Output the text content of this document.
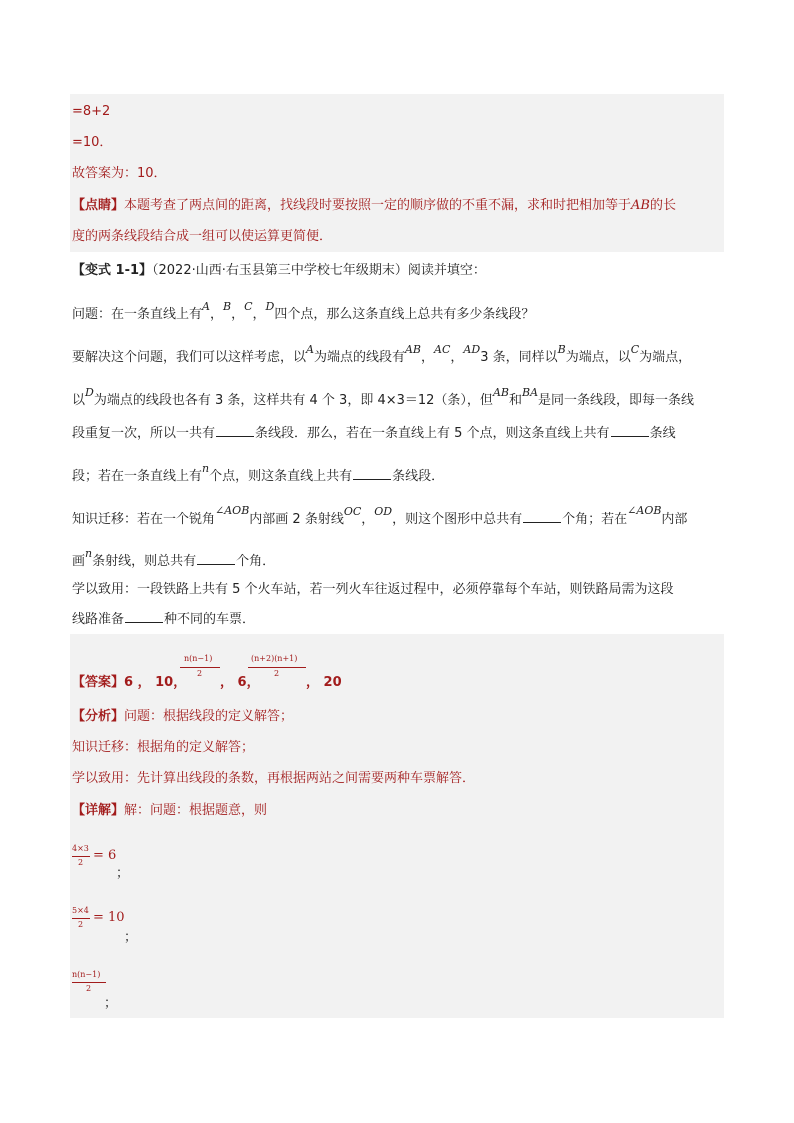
=8+2
=10．
故答案为：10．
【点睛】本题考查了两点间的距离，找线段时要按照一定的顺序做的不重不漏，求和时把相加等于AB的长
度的两条线段结合成一组可以使运算更简便．
【变式 1-1】（2022·山西·右玉县第三中学校七年级期末）阅读并填空：
问题：在一条直线上有$^A$，$^B$，$^C$，$^D$四个点，那么这条直线上总共有多少条线段？
要解决这个问题，我们可以这样考虑，以$^A$为端点的线段有$^{AB}$，$^{AC}$，$^{AD}$3 条，同样以$^B$为端点，以$^C$为端点，
以$^D$为端点的线段也各有 3 条，这样共有 4 个 3，即 4×3＝12（条），但$^{AB}$和$^{BA}$是同一条线段，即每一条线
段重复一次，所以一共有	条线段．那么，若在一条直线上有 5 个点，则这条直线上共有	条线
段；若在一条直线上有$^n$个点，则这条直线上共有	条线段．
知识迁移：若在一个锐角$^{\angle AOB}$内部画 2 条射线$^{OC}$，$^{OD}$，则这个图形中总共有	个角；若在$^{\angle AOB}$内部
画$^n$条射线，则总共有	个角．
学以致用：一段铁路上共有 5 个火车站，若一列火车往返过程中，必须停靠每个车站，则铁路局需为这段
线路准备	种不同的车票．
【答案】6 ， 10，
n(n−1)
2
， 6，
(n+2)(n+1)
2
， 20
【分析】问题：根据线段的定义解答；
知识迁移：根据角的定义解答；
学以致用：先计算出线段的条数，再根据两站之间需要两种车票解答．
【详解】解：问题：根据题意，则
4×3
2 = 6
；
5×4
2 = 10
；
n(n−1)
2
；
